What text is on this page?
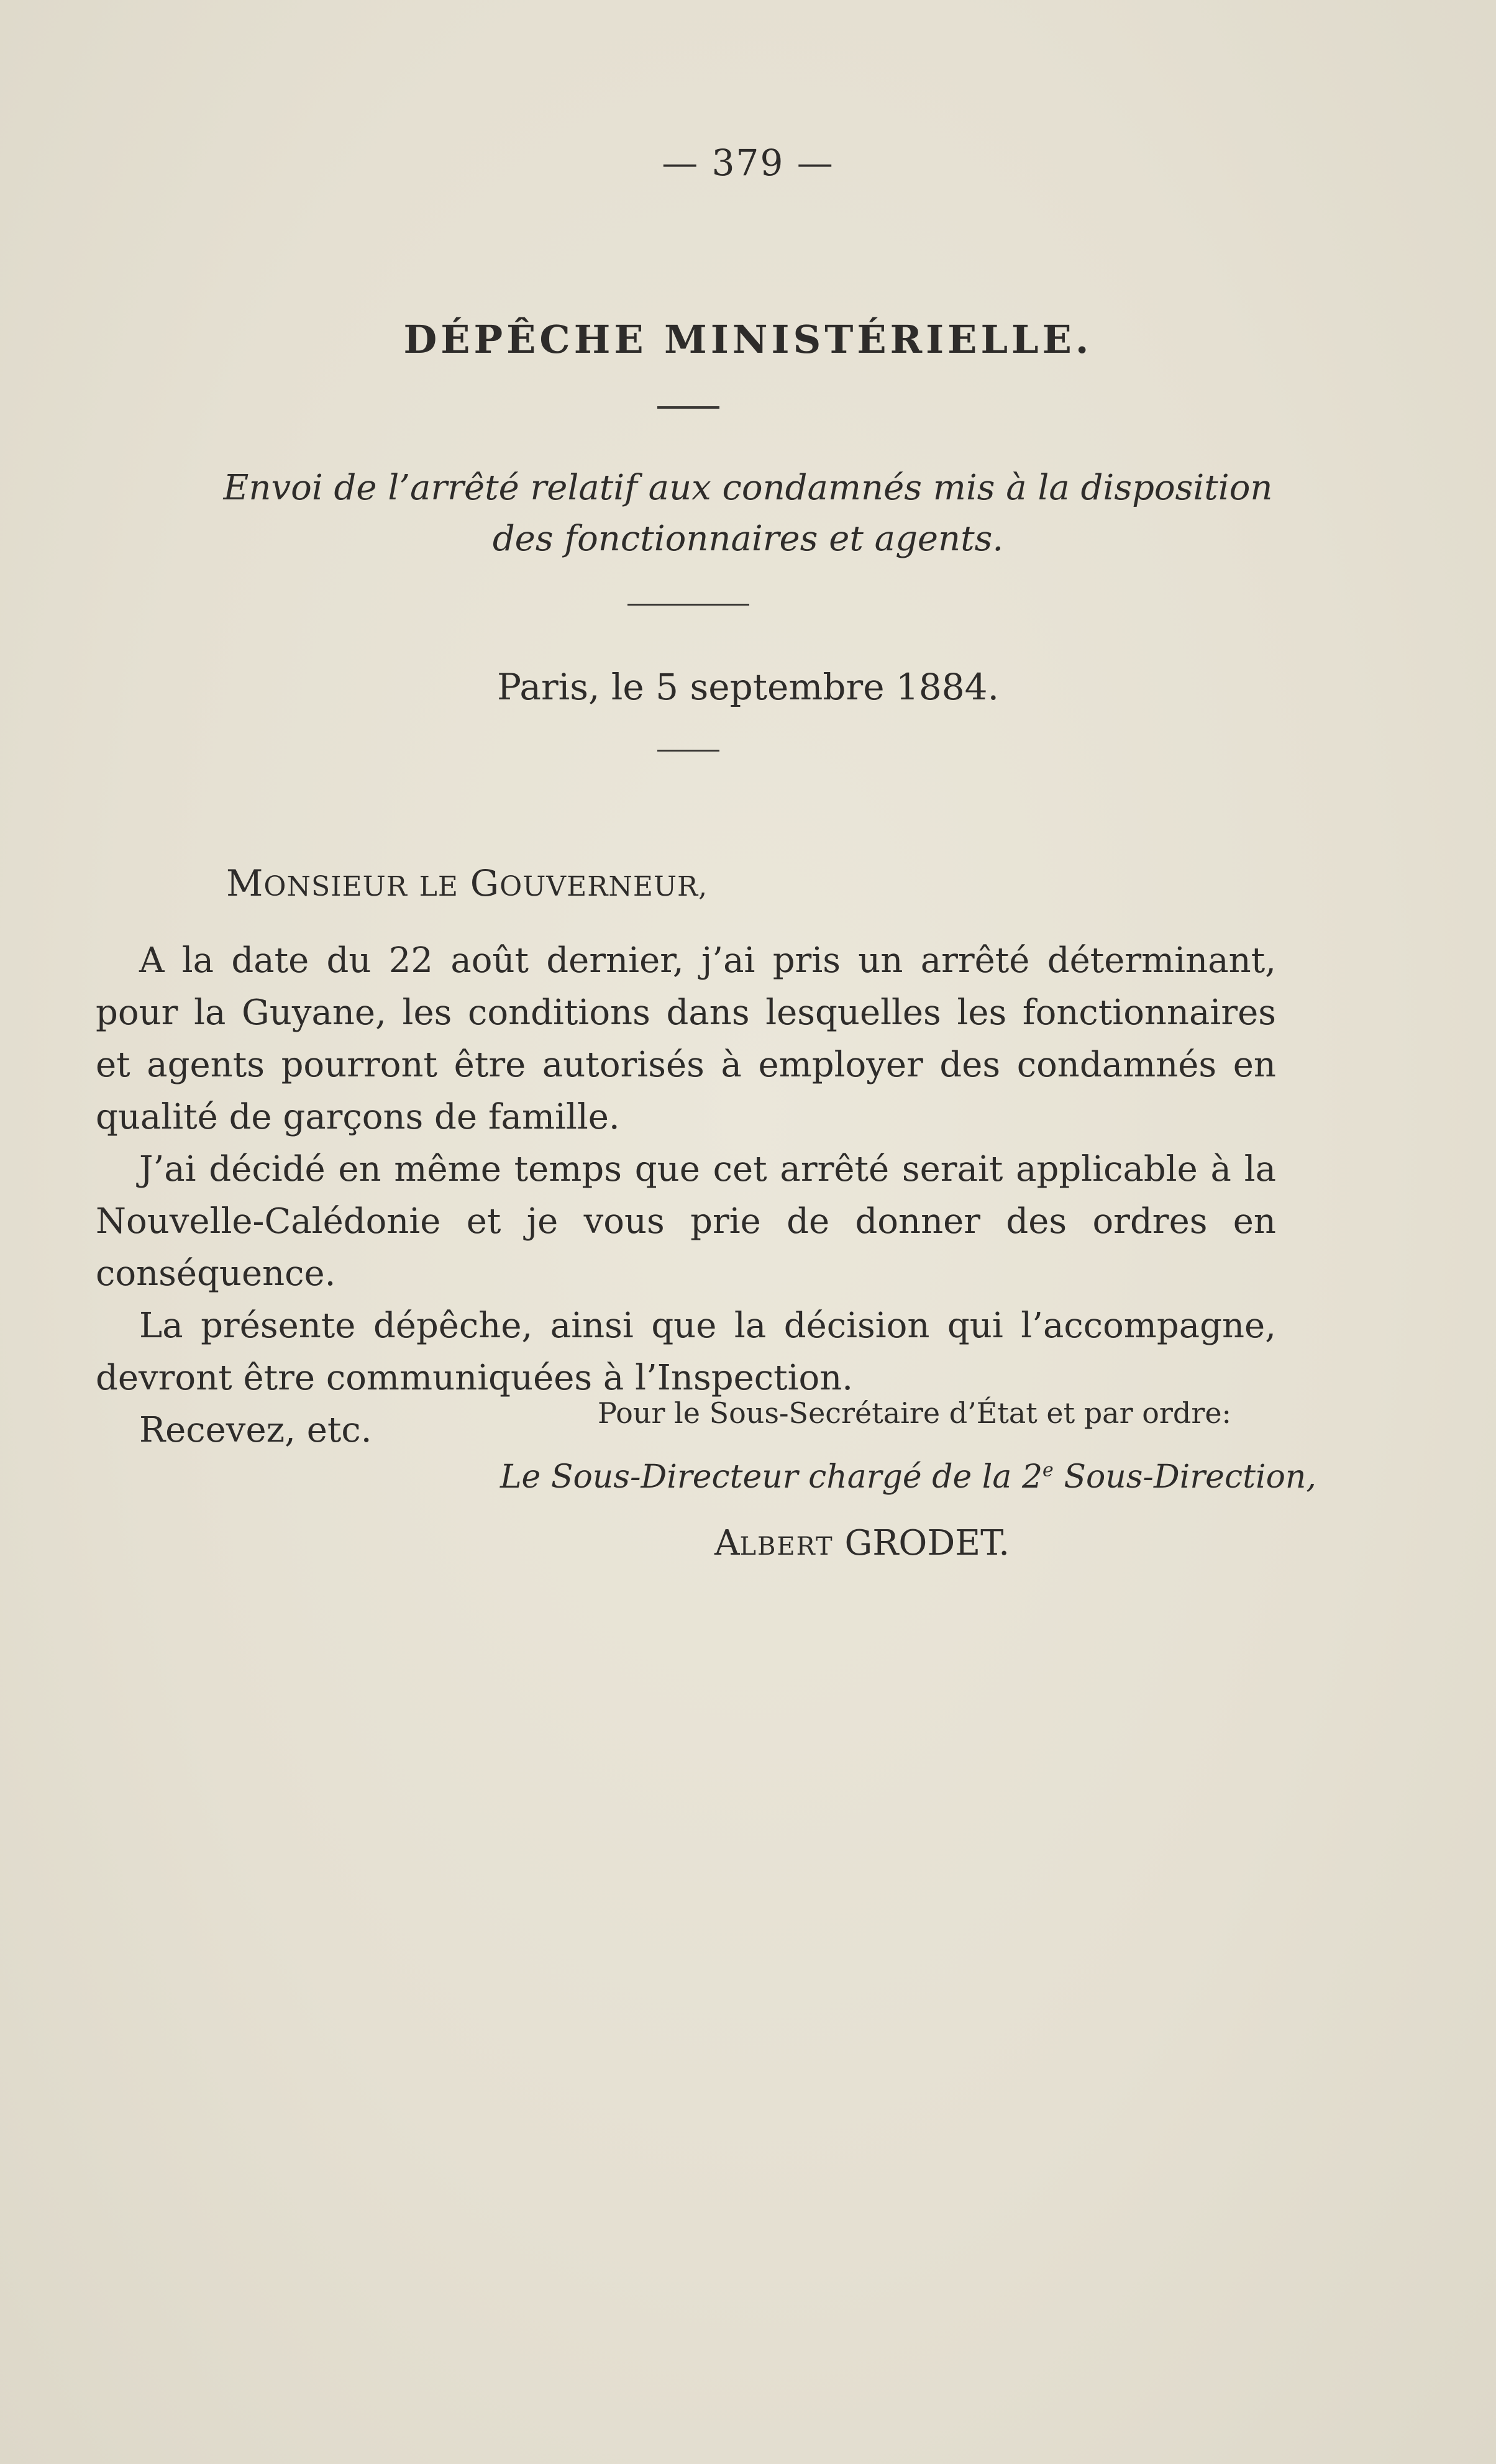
— 379 —
DÉPÊCHE MINISTÉRIELLE.
Envoi de l’arrêté relatif aux condamnés mis à la disposition
des fonctionnaires et agents.
Paris, le 5 septembre 1884.
MONSIEUR LE GOUVERNEUR,

A la date du 22 août dernier, j’ai pris un arrêté déterminant, pour la Guyane, les conditions dans lesquelles les fonctionnaires et agents pourront être autorisés à employer des condamnés en qualité de garçons de famille.

J’ai décidé en même temps que cet arrêté serait applicable à la Nouvelle-Calédonie et je vous prie de donner des ordres en conséquence.

La présente dépêche, ainsi que la décision qui l’accompagne, devront être communiquées à l’Inspection.

Recevez, etc.	Pour le Sous-Secrétaire d’État et par ordre:
Le Sous-Directeur chargé de la 2e Sous-Direction,
ALBERT GRODET.
